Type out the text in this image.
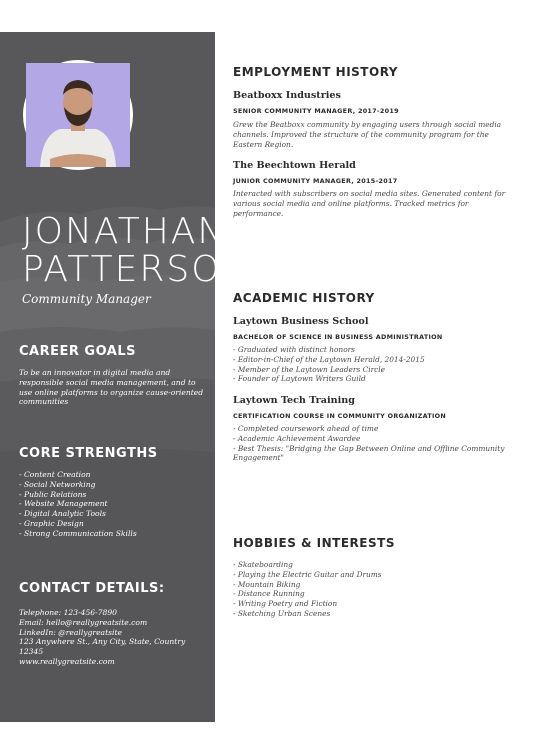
JONATHAN
PATTERSON

Community Manager

CAREER GOALS

To be an innovator in digital media and responsible social media management, and to use online platforms to organize cause-oriented communities

CORE STRENGTHS
- Content Creation
- Social Networking
- Public Relations
- Website Management
- Digital Analytic Tools
- Graphic Design
- Strong Communication Skills
CONTACT DETAILS:
Telephone: 123-456-7890
Email: hello@reallygreatsite.com
LinkedIn: @reallygreatsite
123 Anywhere St., Any City, State, Country
12345
www.reallygreatsite.com
EMPLOYMENT HISTORY
Beatboxx Industries

SENIOR COMMUNITY MANAGER, 2017-2019

Grew the Beatboxx community by engaging users through social media channels. Improved the structure of the community program for the Eastern Region.

The Beechtown Herald

JUNIOR COMMUNITY MANAGER, 2015-2017

Interacted with subscribers on social media sites. Generated content for various social media and online platforms. Tracked metrics for performance.

ACADEMIC HISTORY
Laytown Business School

BACHELOR OF SCIENCE IN BUSINESS ADMINISTRATION

- Graduated with distinct honors
- Editor-in-Chief of the Laytown Herald, 2014-2015
- Member of the Laytown Leaders Circle
- Founder of Laytown Writers Guild
Laytown Tech Training

CERTIFICATION COURSE IN COMMUNITY ORGANIZATION

- Completed coursework ahead of time
- Academic Achievement Awardee
- Best Thesis: "Bridging the Gap Between Online and Offline Community Engagement"
HOBBIES & INTERESTS
- Skateboarding
- Playing the Electric Guitar and Drums
- Mountain Biking
- Distance Running
- Writing Poetry and Fiction
- Sketching Urban Scenes
